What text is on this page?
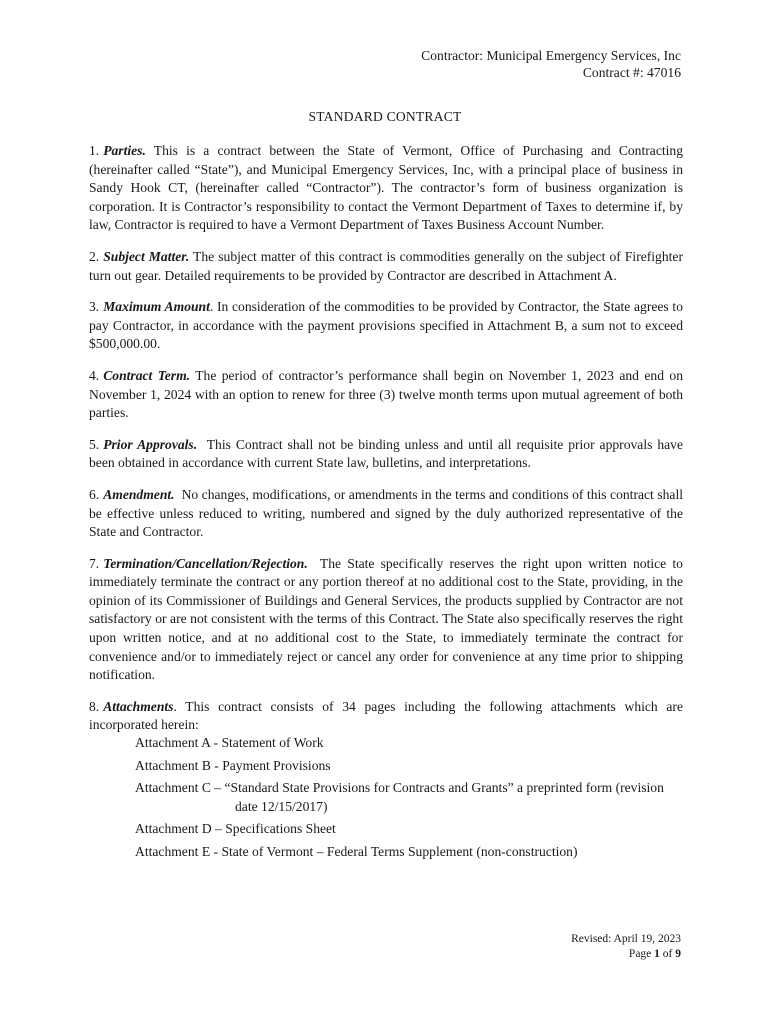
Contractor: Municipal Emergency Services, Inc
Contract #: 47016
STANDARD CONTRACT

1. Parties. This is a contract between the State of Vermont, Office of Purchasing and Contracting (hereinafter called “State”), and Municipal Emergency Services, Inc, with a principal place of business in Sandy Hook CT, (hereinafter called “Contractor”). The contractor’s form of business organization is corporation. It is Contractor’s responsibility to contact the Vermont Department of Taxes to determine if, by law, Contractor is required to have a Vermont Department of Taxes Business Account Number.

2. Subject Matter. The subject matter of this contract is commodities generally on the subject of Firefighter turn out gear. Detailed requirements to be provided by Contractor are described in Attachment A.

3. Maximum Amount. In consideration of the commodities to be provided by Contractor, the State agrees to pay Contractor, in accordance with the payment provisions specified in Attachment B, a sum not to exceed $500,000.00.

4. Contract Term. The period of contractor’s performance shall begin on November 1, 2023 and end on November 1, 2024 with an option to renew for three (3) twelve month terms upon mutual agreement of both parties.

5. Prior Approvals. This Contract shall not be binding unless and until all requisite prior approvals have been obtained in accordance with current State law, bulletins, and interpretations.

6. Amendment. No changes, modifications, or amendments in the terms and conditions of this contract shall be effective unless reduced to writing, numbered and signed by the duly authorized representative of the State and Contractor.

7. Termination/Cancellation/Rejection. The State specifically reserves the right upon written notice to immediately terminate the contract or any portion thereof at no additional cost to the State, providing, in the opinion of its Commissioner of Buildings and General Services, the products supplied by Contractor are not satisfactory or are not consistent with the terms of this Contract. The State also specifically reserves the right upon written notice, and at no additional cost to the State, to immediately terminate the contract for convenience and/or to immediately reject or cancel any order for convenience at any time prior to shipping notification.

8. Attachments. This contract consists of 34 pages including the following attachments which are incorporated herein:

Attachment A - Statement of Work
Attachment B - Payment Provisions
Attachment C – “Standard State Provisions for Contracts and Grants” a preprinted form (revision
date 12/15/2017)
Attachment D – Specifications Sheet
Attachment E - State of Vermont – Federal Terms Supplement (non-construction)
Revised: April 19, 2023
Page 1 of 9
